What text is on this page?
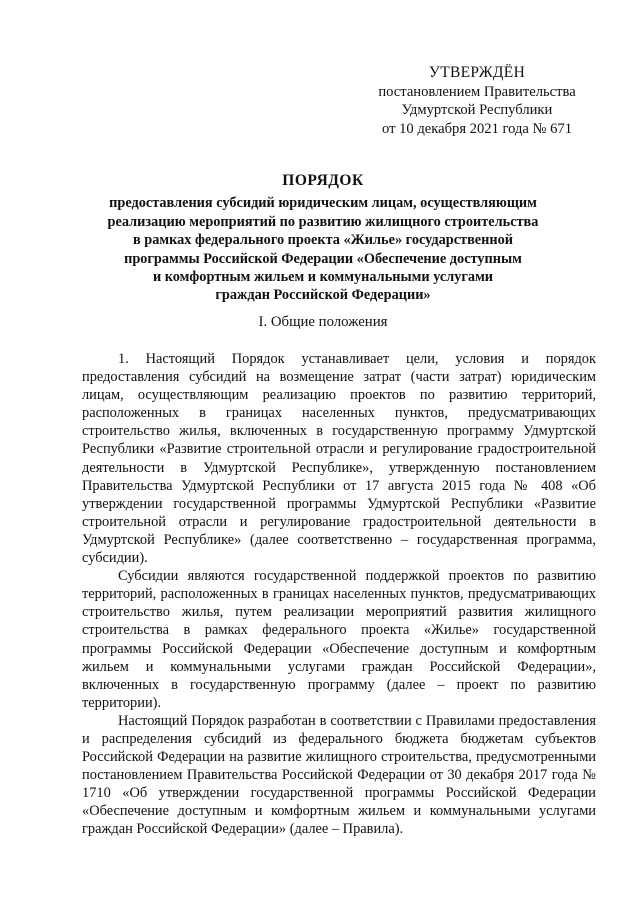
УТВЕРЖДЁН
постановлением Правительства
Удмуртской Республики
от 10 декабря 2021 года № 671
ПОРЯДОК
предоставления субсидий юридическим лицам, осуществляющим
реализацию мероприятий по развитию жилищного строительства
в рамках федерального проекта «Жилье» государственной
программы Российской Федерации «Обеспечение доступным
и комфортным жильем и коммунальными услугами
граждан Российской Федерации»
I. Общие положения

1. Настоящий Порядок устанавливает цели, условия и порядок предоставления субсидий на возмещение затрат (части затрат) юридическим лицам, осуществляющим реализацию проектов по развитию территорий, расположенных в границах населенных пунктов, предусматривающих строительство жилья, включенных в государственную программу Удмуртской Республики «Развитие строительной отрасли и регулирование градостроительной деятельности в Удмуртской Республике», утвержденную постановлением Правительства Удмуртской Республики от 17 августа 2015 года № 408 «Об утверждении государственной программы Удмуртской Республики «Развитие строительной отрасли и регулирование градостроительной деятельности в Удмуртской Республике» (далее соответственно – государственная программа, субсидии).

Субсидии являются государственной поддержкой проектов по развитию территорий, расположенных в границах населенных пунктов, предусматривающих строительство жилья, путем реализации мероприятий развития жилищного строительства в рамках федерального проекта «Жилье» государственной программы Российской Федерации «Обеспечение доступным и комфортным жильем и коммунальными услугами граждан Российской Федерации», включенных в государственную программу (далее – проект по развитию территории).

Настоящий Порядок разработан в соответствии с Правилами предоставления и распределения субсидий из федерального бюджета бюджетам субъектов Российской Федерации на развитие жилищного строительства, предусмотренными постановлением Правительства Российской Федерации от 30 декабря 2017 года № 1710 «Об утверждении государственной программы Российской Федерации «Обеспечение доступным и комфортным жильем и коммунальными услугами граждан Российской Федерации» (далее – Правила).
